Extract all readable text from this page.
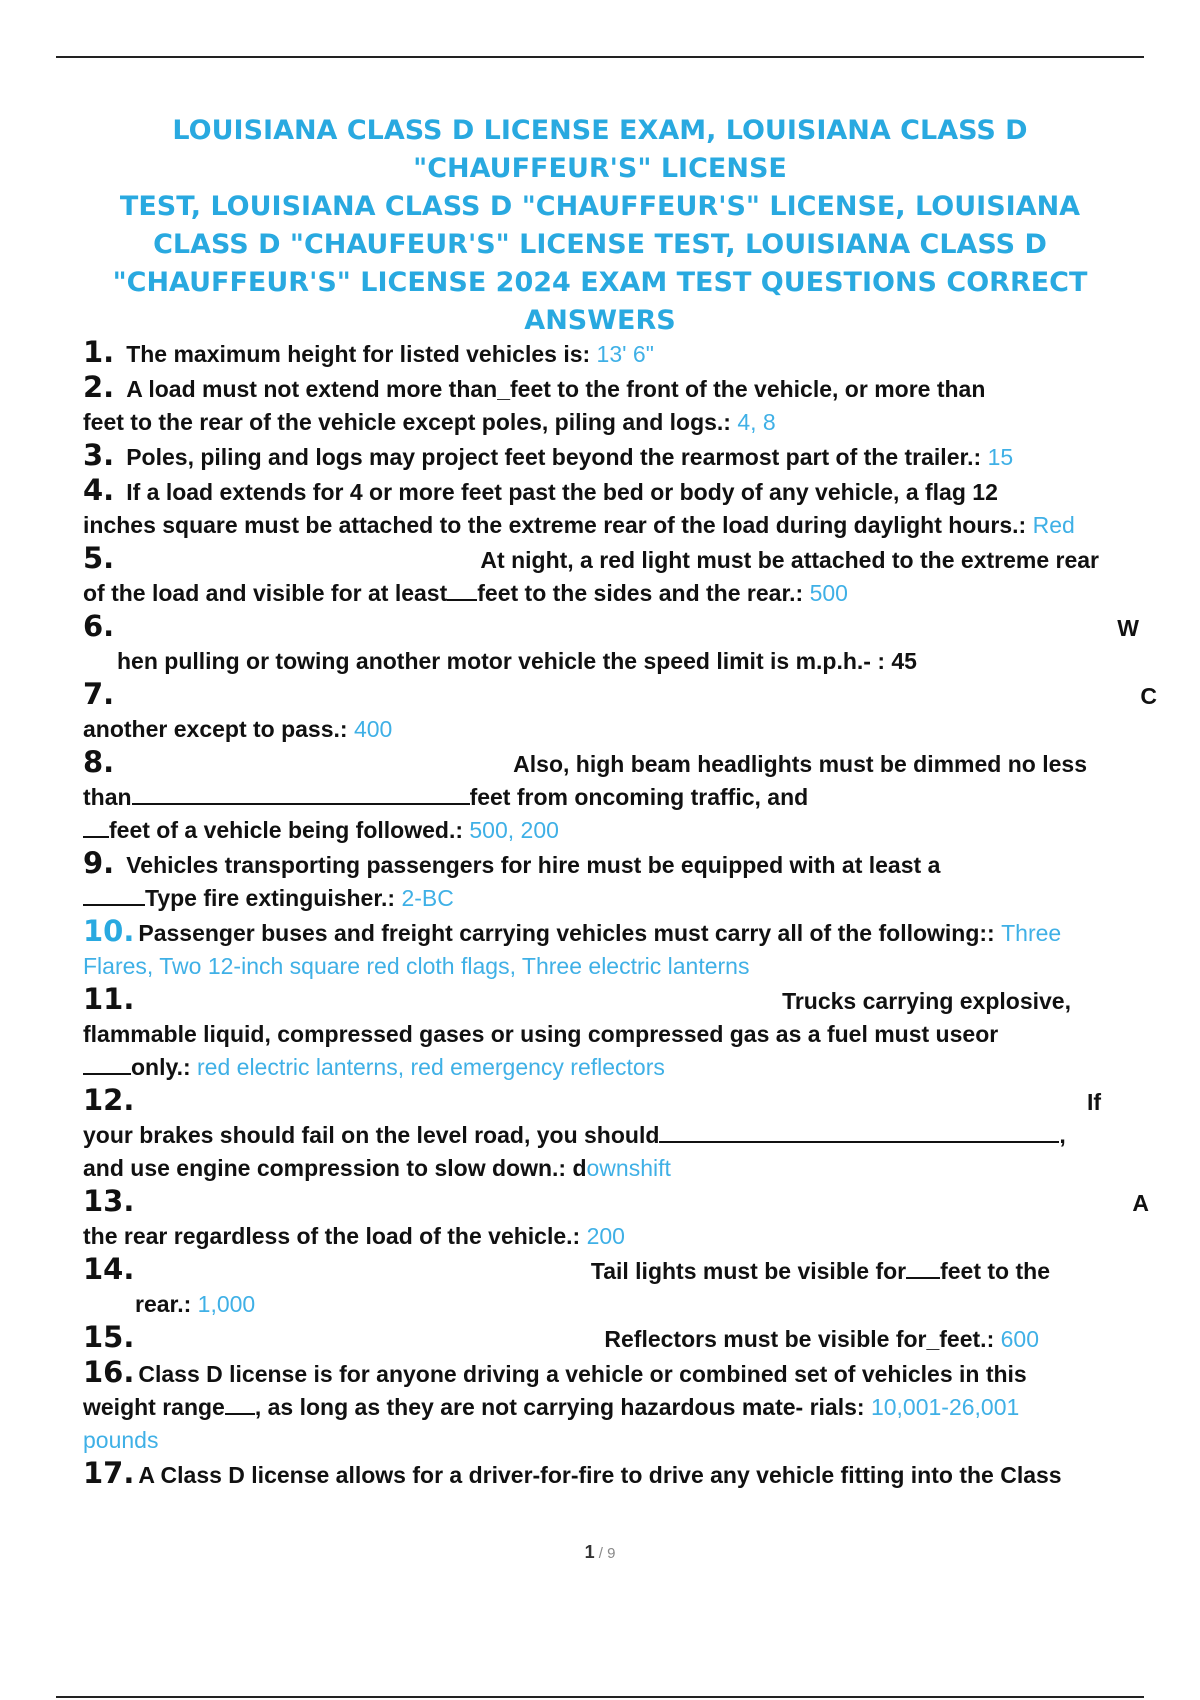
LOUISIANA CLASS D LICENSE EXAM, LOUISIANA CLASS D
"CHAUFFEUR'S" LICENSE
TEST, LOUISIANA CLASS D "CHAUFFEUR'S" LICENSE, LOUISIANA
CLASS D "CHAUFEUR'S" LICENSE TEST, LOUISIANA CLASS D
"CHAUFFEUR'S" LICENSE 2024 EXAM TEST QUESTIONS CORRECT
ANSWERS
1. The maximum height for listed vehicles is: 13' 6"
2. A load must not extend more than_feet to the front of the vehicle, or more than
feet to the rear of the vehicle except poles, piling and logs.: 4, 8
3. Poles, piling and logs may project feet beyond the rearmost part of the trailer.: 15
4. If a load extends for 4 or more feet past the bed or body of any vehicle, a flag 12
inches square must be attached to the extreme rear of the load during daylight hours.: Red
5.	At night, a red light must be attached to the extreme rear
of the load and visible for at least feet to the sides and the rear.: 500
6.	W
hen pulling or towing another motor vehicle the speed limit is m.p.h.- : 45
7.	C
another except to pass.: 400
8.	Also, high beam headlights must be dimmed no less
than	feet from oncoming traffic, and
feet of a vehicle being followed.: 500, 200
9. Vehicles transporting passengers for hire must be equipped with at least a
Type fire extinguisher.: 2-BC
10. Passenger buses and freight carrying vehicles must carry all of the following:: Three
Flares, Two 12-inch square red cloth flags, Three electric lanterns
11.	Trucks carrying explosive,
flammable liquid, compressed gases or using compressed gas as a fuel must useor
only.: red electric lanterns, red emergency reflectors
12.	If
your brakes should fail on the level road, you should	,
and use engine compression to slow down.: downshift
13.	A
the rear regardless of the load of the vehicle.: 200
14.	Tail lights must be visible for feet to the
rear.: 1,000
15.	Reflectors must be visible for_feet.: 600
16. Class D license is for anyone driving a vehicle or combined set of vehicles in this
weight range , as long as they are not carrying hazardous mate- rials: 10,001-26,001
pounds
17. A Class D license allows for a driver-for-fire to drive any vehicle fitting into the Class
1 / 9
